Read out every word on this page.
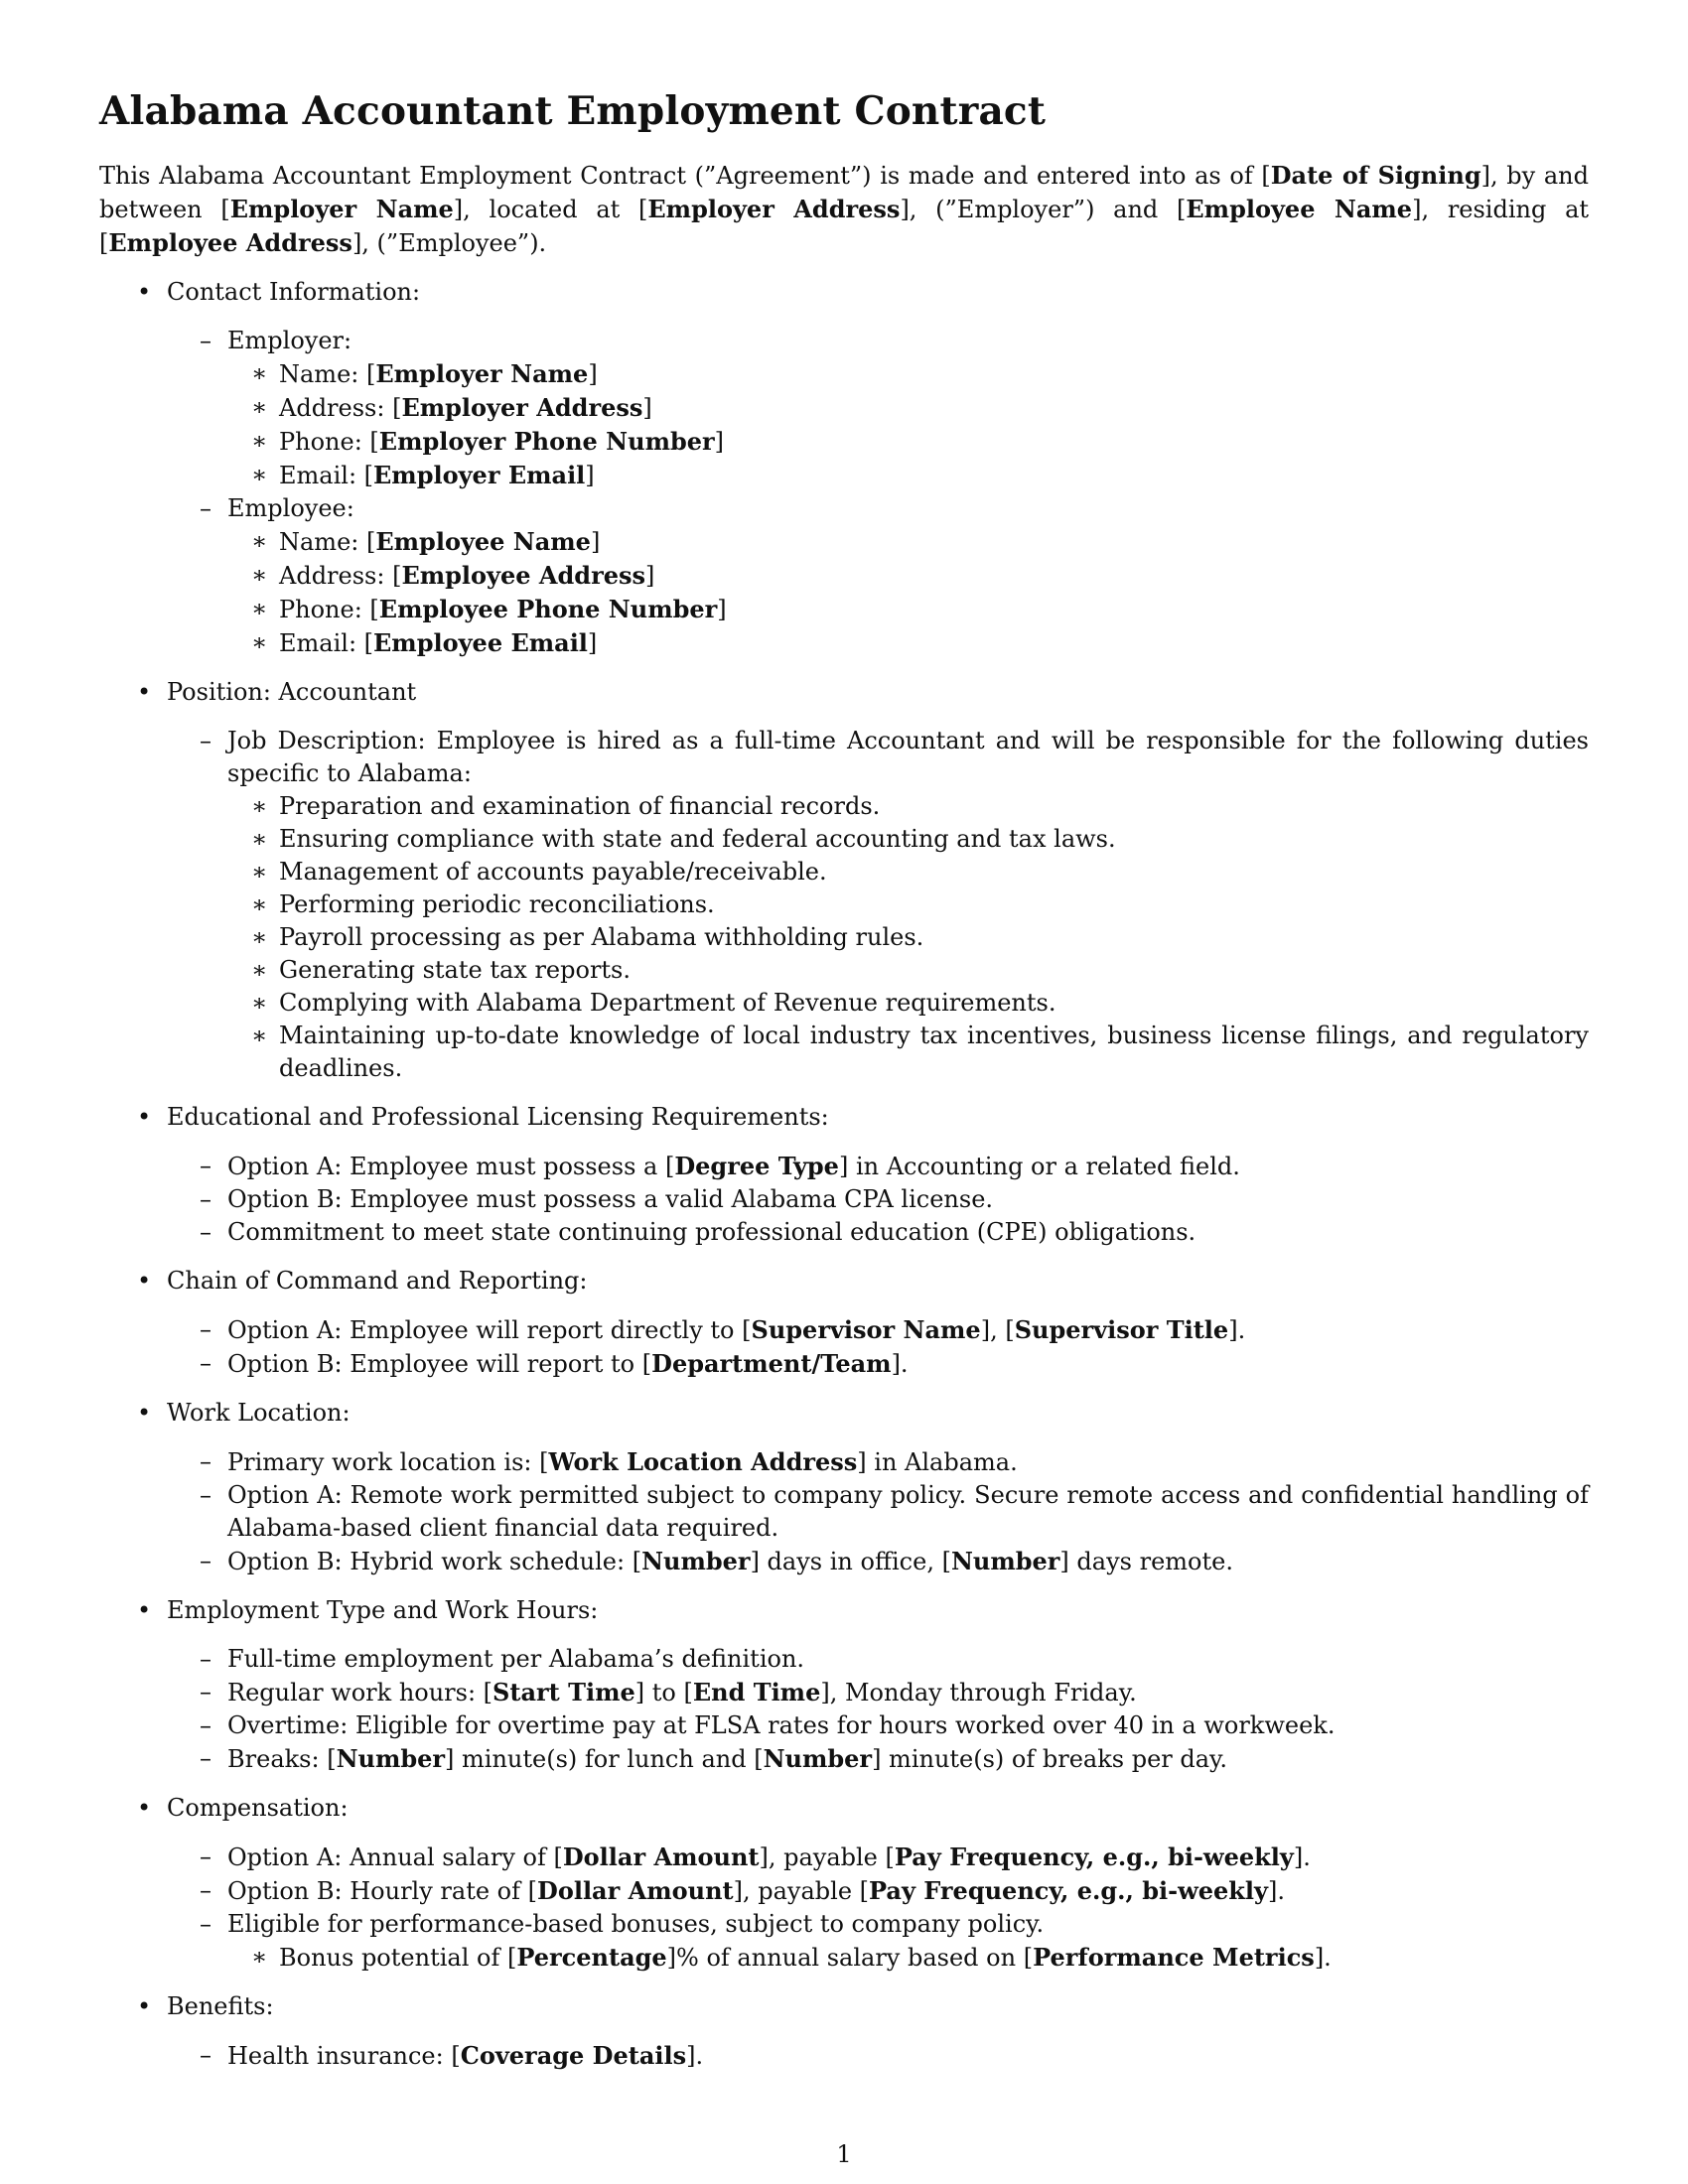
Alabama Accountant Employment Contract

This Alabama Accountant Employment Contract (”Agreement”) is made and entered into as of [Date of Signing], by and between [Employer Name], located at [Employer Address], (”Employer”) and [Employee Name], residing at [Employee Address], (”Employee”).

• Contact Information:
– Employer:
∗ Name: [Employer Name]
∗ Address: [Employer Address]
∗ Phone: [Employer Phone Number]
∗ Email: [Employer Email]
– Employee:
∗ Name: [Employee Name]
∗ Address: [Employee Address]
∗ Phone: [Employee Phone Number]
∗ Email: [Employee Email]
• Position: Accountant
– Job Description: Employee is hired as a full-time Accountant and will be responsible for the following duties specific to Alabama:
∗ Preparation and examination of financial records.
∗ Ensuring compliance with state and federal accounting and tax laws.
∗ Management of accounts payable/receivable.
∗ Performing periodic reconciliations.
∗ Payroll processing as per Alabama withholding rules.
∗ Generating state tax reports.
∗ Complying with Alabama Department of Revenue requirements.
∗ Maintaining up-to-date knowledge of local industry tax incentives, business license filings, and regulatory deadlines.
• Educational and Professional Licensing Requirements:
– Option A: Employee must possess a [Degree Type] in Accounting or a related field.
– Option B: Employee must possess a valid Alabama CPA license.
– Commitment to meet state continuing professional education (CPE) obligations.
• Chain of Command and Reporting:
– Option A: Employee will report directly to [Supervisor Name], [Supervisor Title].
– Option B: Employee will report to [Department/Team].
• Work Location:
– Primary work location is: [Work Location Address] in Alabama.
– Option A: Remote work permitted subject to company policy. Secure remote access and confidential handling of Alabama-based client financial data required.
– Option B: Hybrid work schedule: [Number] days in office, [Number] days remote.
• Employment Type and Work Hours:
– Full-time employment per Alabama’s definition.
– Regular work hours: [Start Time] to [End Time], Monday through Friday.
– Overtime: Eligible for overtime pay at FLSA rates for hours worked over 40 in a workweek.
– Breaks: [Number] minute(s) for lunch and [Number] minute(s) of breaks per day.
• Compensation:
– Option A: Annual salary of [Dollar Amount], payable [Pay Frequency, e.g., bi-weekly].
– Option B: Hourly rate of [Dollar Amount], payable [Pay Frequency, e.g., bi-weekly].
– Eligible for performance-based bonuses, subject to company policy.
∗ Bonus potential of [Percentage]% of annual salary based on [Performance Metrics].
• Benefits:
– Health insurance: [Coverage Details].
1
